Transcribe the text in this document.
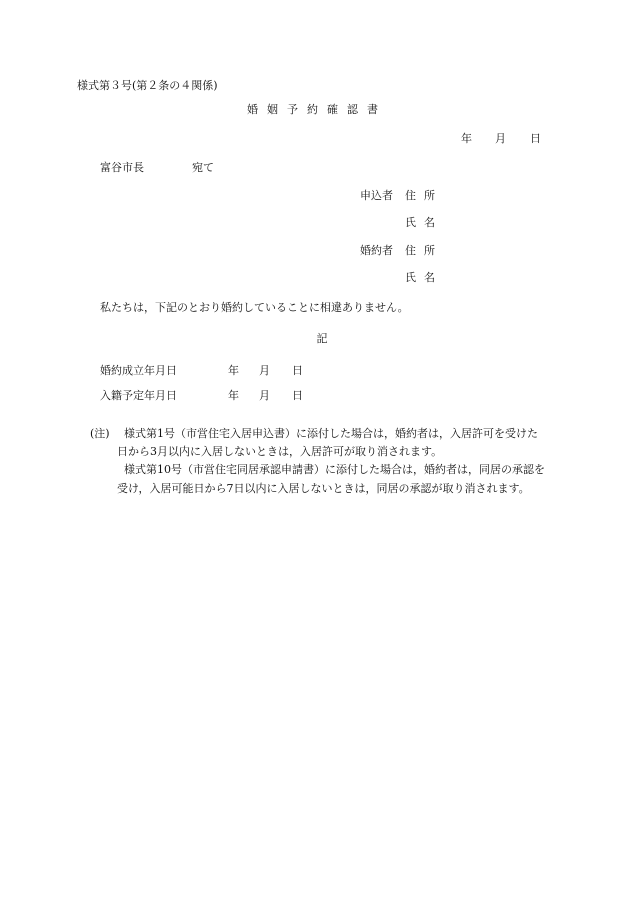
様式第３号(第２条の４関係)
婚姻予約確認書
年 月 日
富谷市長	宛て
申込者 住所
氏名
婚約者 住所
氏名
私たちは，下記のとおり婚約していることに相違ありません。
記
婚約成立年月日	年 月 日
入籍予定年月日	年 月 日
(注) 様式第1号（市営住宅入居申込書）に添付した場合は，婚約者は，入居許可を受けた
日から3月以内に入居しないときは，入居許可が取り消されます。
様式第10号（市営住宅同居承認申請書）に添付した場合は，婚約者は，同居の承認を
受け，入居可能日から7日以内に入居しないときは，同居の承認が取り消されます。
